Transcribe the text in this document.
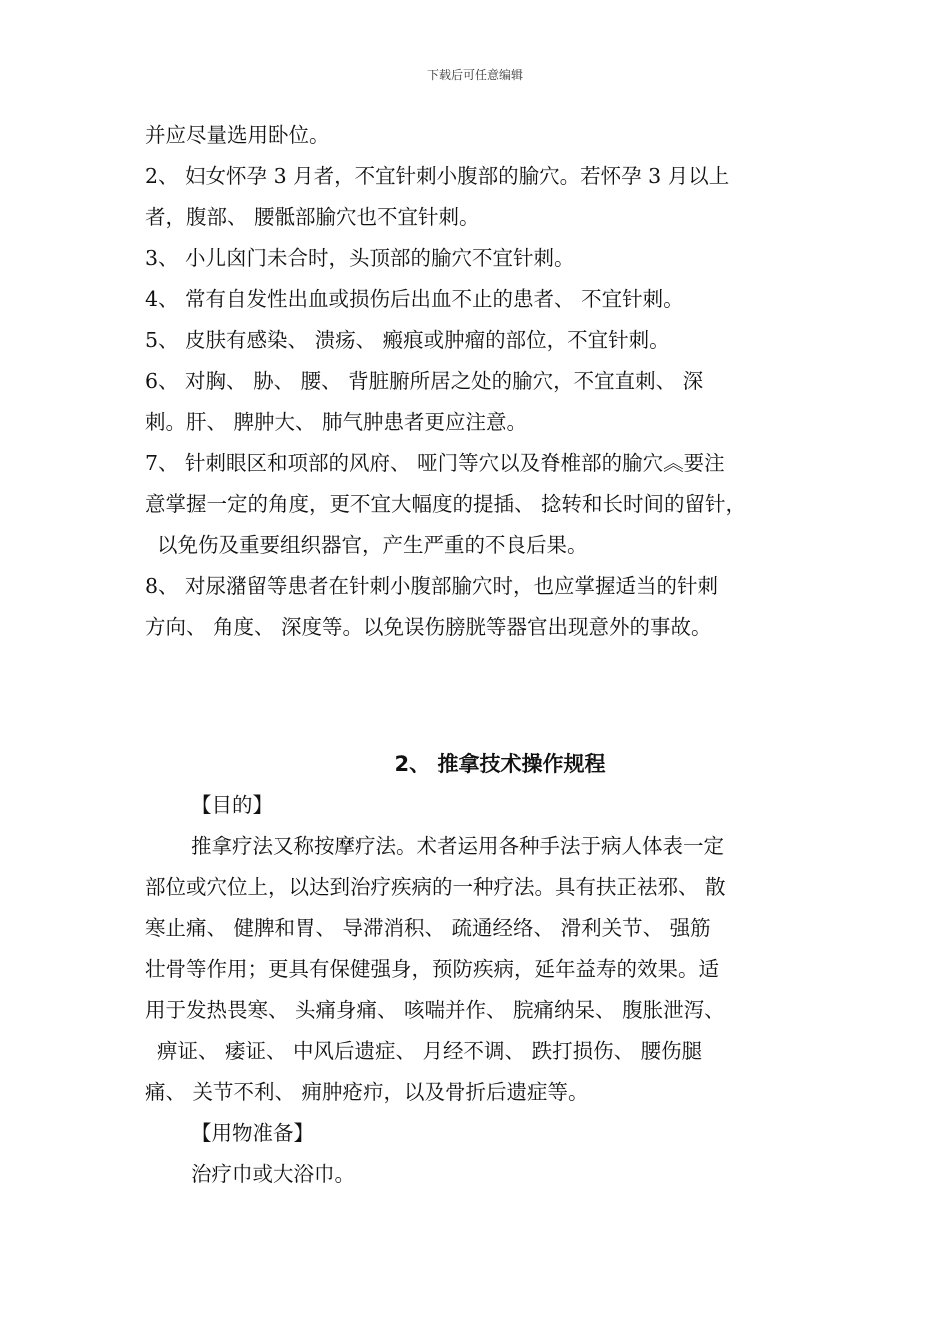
下载后可任意编辑
并应尽量选用卧位。
2、 妇女怀孕 3 月者，不宜针刺小腹部的腧穴。若怀孕 3 月以上
者，腹部、 腰骶部腧穴也不宜针刺。
3、 小儿囟门未合时，头顶部的腧穴不宜针刺。
4、 常有自发性出血或损伤后出血不止的患者、 不宜针刺。
5、 皮肤有感染、 溃疡、 瘢痕或肿瘤的部位，不宜针刺。
6、 对胸、 胁、 腰、 背脏腑所居之处的腧穴，不宜直刺、 深
刺。肝、 脾肿大、 肺气肿患者更应注意。
7、 针刺眼区和项部的风府、 哑门等穴以及脊椎部的腧穴︽要注
意掌握一定的角度，更不宜大幅度的提插、 捻转和长时间的留针，
以免伤及重要组织器官，产生严重的不良后果。
8、 对尿潴留等患者在针刺小腹部腧穴时，也应掌握适当的针刺
方向、 角度、 深度等。以免误伤膀胱等器官出现意外的事故。
2、 推拿技术操作规程
【目的】
推拿疗法又称按摩疗法。术者运用各种手法于病人体表一定
部位或穴位上，以达到治疗疾病的一种疗法。具有扶正祛邪、 散
寒止痛、 健脾和胃、 导滞消积、 疏通经络、 滑利关节、 强筋
壮骨等作用；更具有保健强身，预防疾病，延年益寿的效果。适
用于发热畏寒、 头痛身痛、 咳喘并作、 脘痛纳呆、 腹胀泄泻、
痹证、 痿证、 中风后遗症、 月经不调、 跌打损伤、 腰伤腿
痛、 关节不利、 痈肿疮疖，以及骨折后遗症等。
【用物准备】
治疗巾或大浴巾。
